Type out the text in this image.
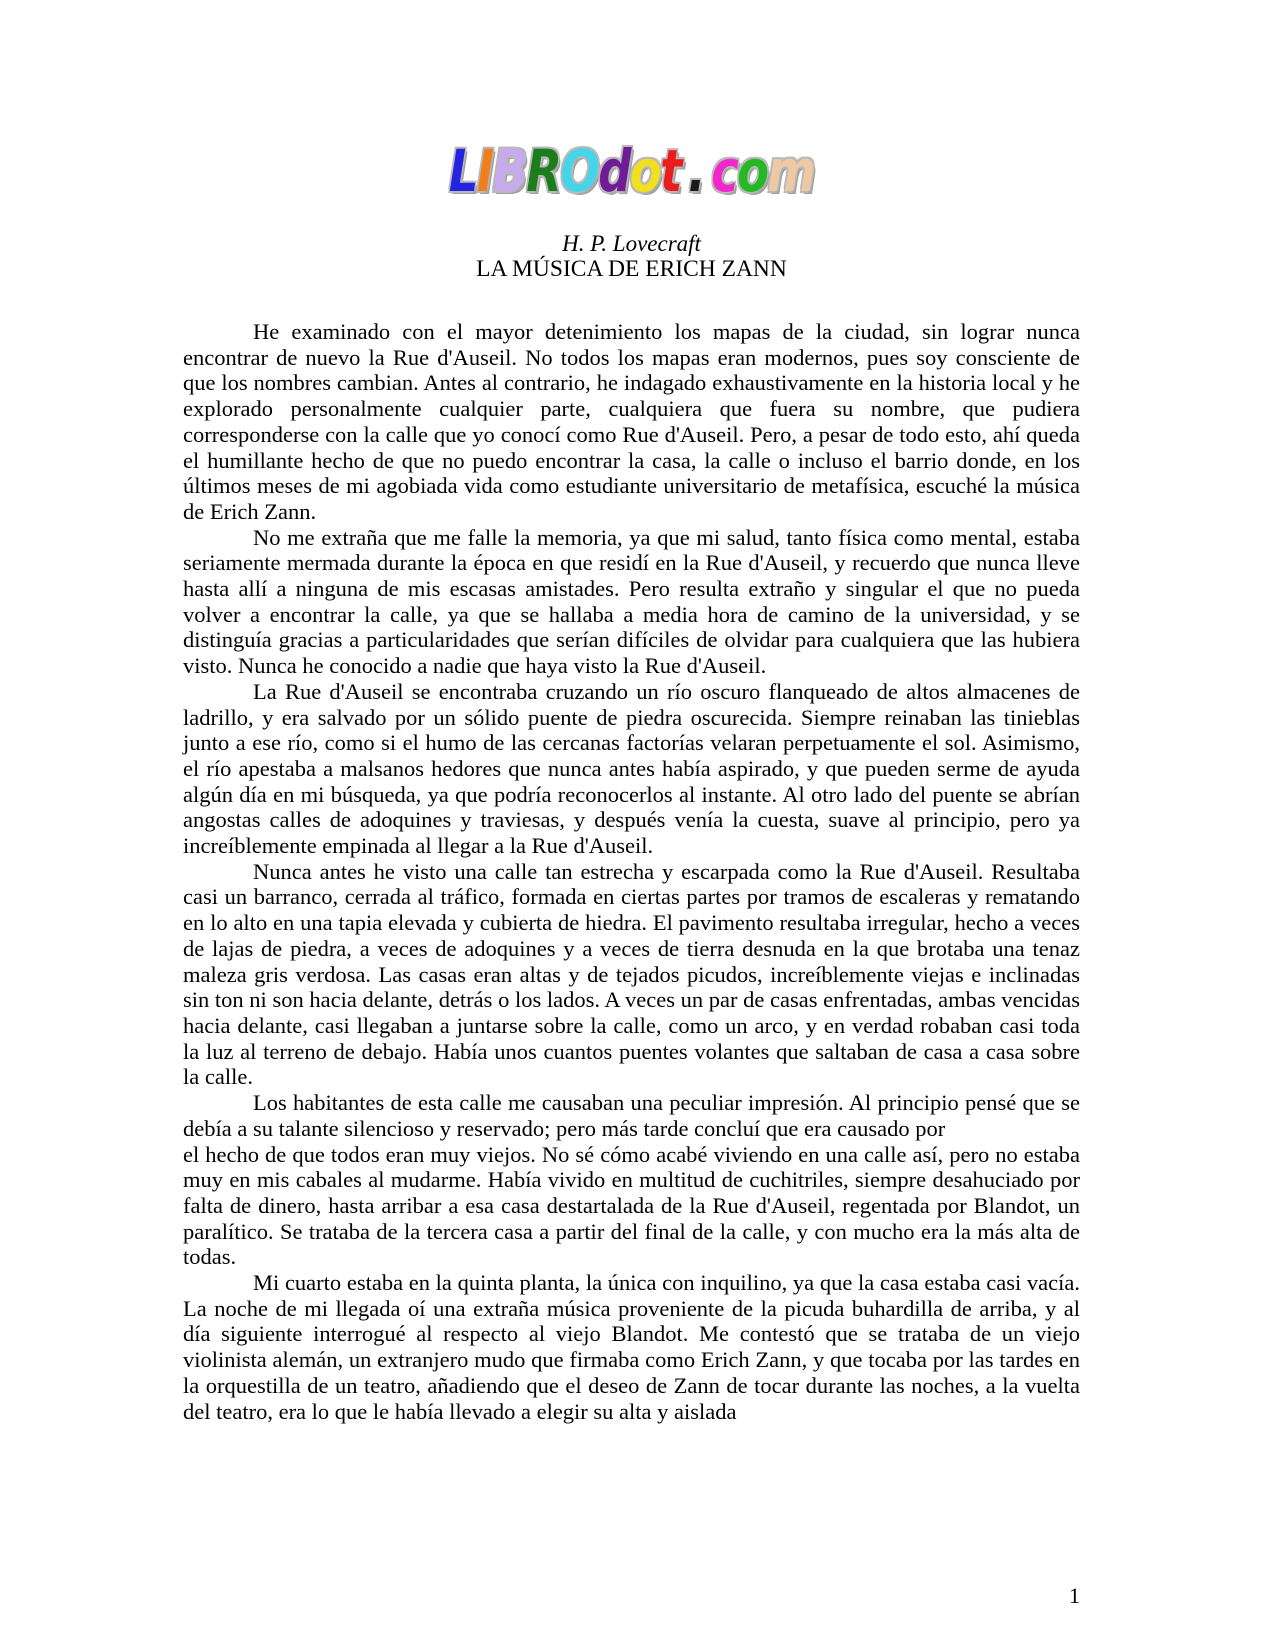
LIBROdot . com
H. P. Lovecraft
LA MÚSICA DE ERICH ZANN

He examinado con el mayor detenimiento los mapas de la ciudad, sin lograr nunca encontrar de nuevo la Rue d'Auseil. No todos los mapas eran modernos, pues soy consciente de que los nombres cambian. Antes al contrario, he indagado exhaustivamente en la historia local y he explorado personalmente cualquier parte, cualquiera que fuera su nombre, que pudiera corresponderse con la calle que yo conocí como Rue d'Auseil. Pero, a pesar de todo esto, ahí queda el humillante hecho de que no puedo encontrar la casa, la calle o incluso el barrio donde, en los últimos meses de mi agobiada vida como estudiante universitario de metafísica, escuché la música de Erich Zann.

No me extraña que me falle la memoria, ya que mi salud, tanto física como mental, estaba seriamente mermada durante la época en que residí en la Rue d'Auseil, y recuerdo que nunca lleve hasta allí a ninguna de mis escasas amistades. Pero resulta extraño y singular el que no pueda volver a encontrar la calle, ya que se hallaba a media hora de camino de la universidad, y se distinguía gracias a particularidades que serían difíciles de olvidar para cualquiera que las hubiera visto. Nunca he conocido a nadie que haya visto la Rue d'Auseil.

La Rue d'Auseil se encontraba cruzando un río oscuro flanqueado de altos almacenes de ladrillo, y era salvado por un sólido puente de piedra oscurecida. Siempre reinaban las tinieblas junto a ese río, como si el humo de las cercanas factorías velaran perpetuamente el sol. Asimismo, el río apestaba a malsanos hedores que nunca antes había aspirado, y que pueden serme de ayuda algún día en mi búsqueda, ya que podría reconocerlos al instante. Al otro lado del puente se abrían angostas calles de adoquines y traviesas, y después venía la cuesta, suave al principio, pero ya increíblemente empinada al llegar a la Rue d'Auseil.

Nunca antes he visto una calle tan estrecha y escarpada como la Rue d'Auseil. Resultaba casi un barranco, cerrada al tráfico, formada en ciertas partes por tramos de escaleras y rematando en lo alto en una tapia elevada y cubierta de hiedra. El pavimento resultaba irregular, hecho a veces de lajas de piedra, a veces de adoquines y a veces de tierra desnuda en la que brotaba una tenaz maleza gris verdosa. Las casas eran altas y de tejados picudos, increíblemente viejas e inclinadas sin ton ni son hacia delante, detrás o los lados. A veces un par de casas enfrentadas, ambas vencidas hacia delante, casi llegaban a juntarse sobre la calle, como un arco, y en verdad robaban casi toda la luz al terreno de debajo. Había unos cuantos puentes volantes que saltaban de casa a casa sobre la calle.

Los habitantes de esta calle me causaban una peculiar impresión. Al principio pensé que se debía a su talante silencioso y reservado; pero más tarde concluí que era causado por

el hecho de que todos eran muy viejos. No sé cómo acabé viviendo en una calle así, pero no estaba muy en mis cabales al mudarme. Había vivido en multitud de cuchitriles, siempre desahuciado por falta de dinero, hasta arribar a esa casa destartalada de la Rue d'Auseil, regentada por Blandot, un paralítico. Se trataba de la tercera casa a partir del final de la calle, y con mucho era la más alta de todas.

Mi cuarto estaba en la quinta planta, la única con inquilino, ya que la casa estaba casi vacía. La noche de mi llegada oí una extraña música proveniente de la picuda buhardilla de arriba, y al día siguiente interrogué al respecto al viejo Blandot. Me contestó que se trataba de un viejo violinista alemán, un extranjero mudo que firmaba como Erich Zann, y que tocaba por las tardes en la orquestilla de un teatro, añadiendo que el deseo de Zann de tocar durante las noches, a la vuelta del teatro, era lo que le había llevado a elegir su alta y aislada

1
